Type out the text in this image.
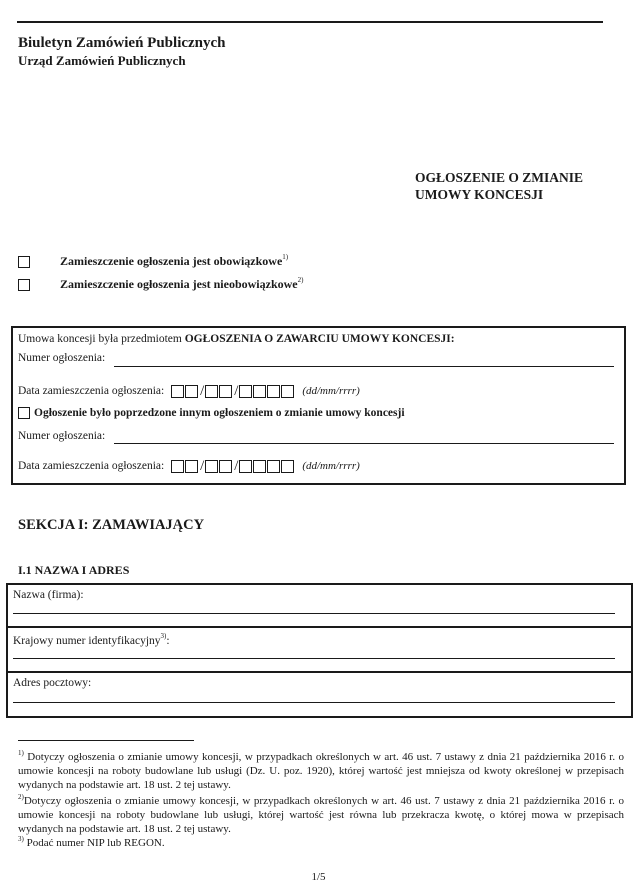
Biuletyn Zamówień Publicznych
Urząd Zamówień Publicznych
OGŁOSZENIE O ZMIANIE
UMOWY KONCESJI
Zamieszczenie ogłoszenia jest obowiązkowe$^{1)}$
Zamieszczenie ogłoszenia jest nieobowiązkowe$^{2)}$
Umowa koncesji była przedmiotem OGŁOSZENIA O ZAWARCIU UMOWY KONCESJI:
Numer ogłoszenia:
Data zamieszczenia ogłoszenia: / /	(dd/mm/rrrr)
Ogłoszenie było poprzedzone innym ogłoszeniem o zmianie umowy koncesji
Numer ogłoszenia:
Data zamieszczenia ogłoszenia: / /	(dd/mm/rrrr)
SEKCJA I: ZAMAWIAJĄCY
I.1 NAZWA I ADRES
Nazwa (firma):
Krajowy numer identyfikacyjny$^{3)}$:
Adres pocztowy:
$^{1)}$ Dotyczy ogłoszenia o zmianie umowy koncesji, w przypadkach określonych w art. 46 ust. 7 ustawy z dnia 21 października 2016 r. o umowie koncesji na roboty budowlane lub usługi (Dz. U. poz. 1920), której wartość jest mniejsza od kwoty określonej w przepisach wydanych na podstawie art. 18 ust. 2 tej ustawy.
$^{2)}$Dotyczy ogłoszenia o zmianie umowy koncesji, w przypadkach określonych w art. 46 ust. 7 ustawy z dnia 21 października 2016 r. o umowie koncesji na roboty budowlane lub usługi, której wartość jest równa lub przekracza kwotę, o której mowa w przepisach wydanych na podstawie art. 18 ust. 2 tej ustawy.
$^{3)}$ Podać numer NIP lub REGON.
1/5
